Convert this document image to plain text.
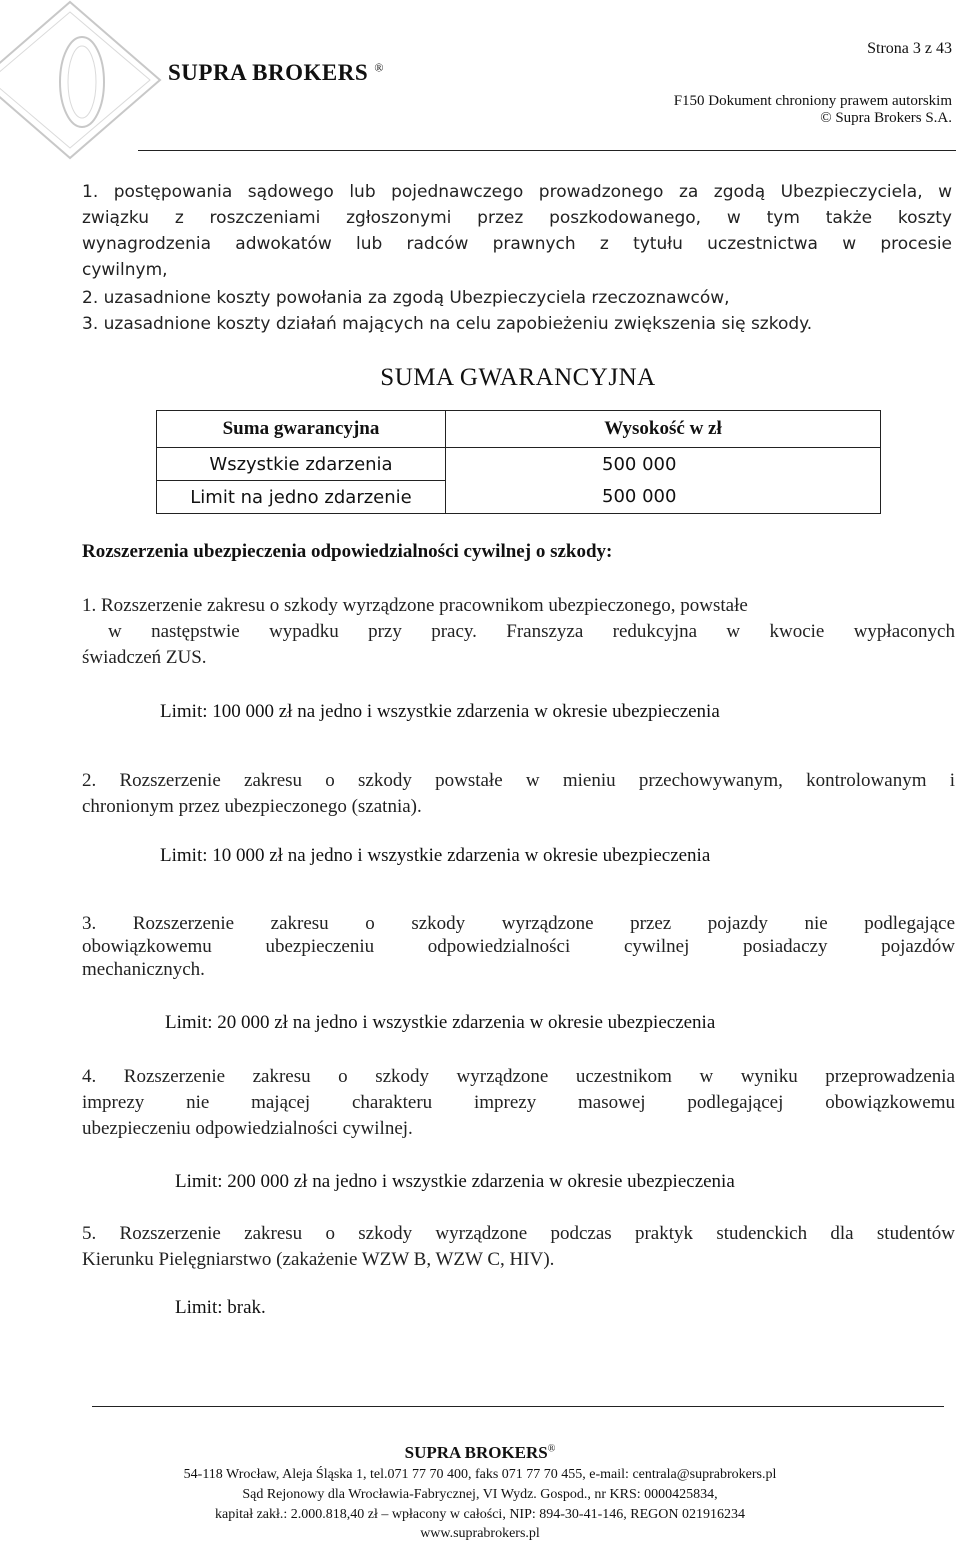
SUPRA BROKERS ®
Strona 3 z 43
F150 Dokument chroniony prawem autorskim
© Supra Brokers S.A.
1. postępowania sądowego lub pojednawczego prowadzonego za zgodą Ubezpieczyciela, w
związku z roszczeniami zgłoszonymi przez poszkodowanego, w tym także koszty
wynagrodzenia adwokatów lub radców prawnych z tytułu uczestnictwa w procesie
cywilnym,
2. uzasadnione koszty powołania za zgodą Ubezpieczyciela rzeczoznawców,
3. uzasadnione koszty działań mających na celu zapobieżeniu zwiększenia się szkody.
SUMA GWARANCYJNA
Suma gwarancyjna	Wysokość w zł
Wszystkie zdarzenia	500 000
Limit na jedno zdarzenie	500 000
Rozszerzenia ubezpieczenia odpowiedzialności cywilnej o szkody:
1. Rozszerzenie zakresu o szkody wyrządzone pracownikom ubezpieczonego, powstałe
w następstwie wypadku przy pracy. Franszyza redukcyjna w kwocie wypłaconych
świadczeń ZUS.
Limit: 100 000 zł na jedno i wszystkie zdarzenia w okresie ubezpieczenia
2. Rozszerzenie zakresu o szkody powstałe w mieniu przechowywanym, kontrolowanym i
chronionym przez ubezpieczonego (szatnia).
Limit: 10 000 zł na jedno i wszystkie zdarzenia w okresie ubezpieczenia
3. Rozszerzenie zakresu o szkody wyrządzone przez pojazdy nie podlegające
obowiązkowemu ubezpieczeniu odpowiedzialności cywilnej posiadaczy pojazdów
mechanicznych.
Limit: 20 000 zł na jedno i wszystkie zdarzenia w okresie ubezpieczenia
4. Rozszerzenie zakresu o szkody wyrządzone uczestnikom w wyniku przeprowadzenia
imprezy nie mającej charakteru imprezy masowej podlegającej obowiązkowemu
ubezpieczeniu odpowiedzialności cywilnej.
Limit: 200 000 zł na jedno i wszystkie zdarzenia w okresie ubezpieczenia
5. Rozszerzenie zakresu o szkody wyrządzone podczas praktyk studenckich dla studentów
Kierunku Pielęgniarstwo (zakażenie WZW B, WZW C, HIV).
Limit: brak.
SUPRA BROKERS®
54-118 Wrocław, Aleja Śląska 1, tel.071 77 70 400, faks 071 77 70 455, e-mail: centrala@suprabrokers.pl
Sąd Rejonowy dla Wrocławia-Fabrycznej, VI Wydz. Gospod., nr KRS: 0000425834,
kapitał zakł.: 2.000.818,40 zł – wpłacony w całości, NIP: 894-30-41-146, REGON 021916234
www.suprabrokers.pl
